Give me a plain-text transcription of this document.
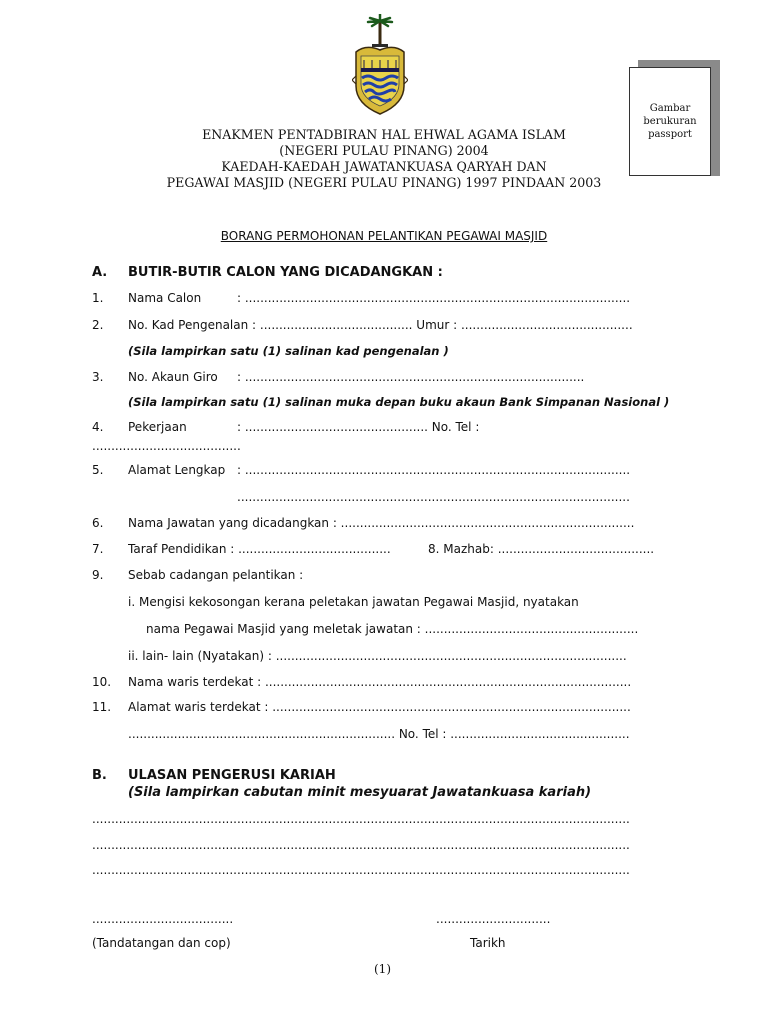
Gambar
berukuran
passport
ENAKMEN PENTADBIRAN HAL EHWAL AGAMA ISLAM
(NEGERI PULAU PINANG) 2004
KAEDAH-KAEDAH JAWATANKUASA QARYAH DAN
PEGAWAI MASJID (NEGERI PULAU PINANG) 1997 PINDAAN 2003
BORANG PERMOHONAN PELANTIKAN PEGAWAI MASJID
A. BUTIR-BUTIR CALON YANG DICADANGKAN :
1. Nama Calon	: .....................................................................................................
2. No. Kad Pengenalan : ........................................ Umur : .............................................
(Sila lampirkan satu (1) salinan kad pengenalan )
3. No. Akaun Giro : .........................................................................................
(Sila lampirkan satu (1) salinan muka depan buku akaun Bank Simpanan Nasional )
4. Pekerjaan	: ................................................ No. Tel :
.......................................
5. Alamat Lengkap : .....................................................................................................
.......................................................................................................
6. Nama Jawatan yang dicadangkan : .............................................................................
7. Taraf Pendidikan : ........................................	8. Mazhab: .........................................
9. Sebab cadangan pelantikan :
i. Mengisi kekosongan kerana peletakan jawatan Pegawai Masjid, nyatakan
nama Pegawai Masjid yang meletak jawatan : ........................................................
ii. lain- lain (Nyatakan) : ............................................................................................
10. Nama waris terdekat : ................................................................................................
11. Alamat waris terdekat : ..............................................................................................
...................................................................... No. Tel : ...............................................
B. ULASAN PENGERUSI KARIAH
(Sila lampirkan cabutan minit mesyuarat Jawatankuasa kariah)
.............................................................................................................................................
.............................................................................................................................................
.............................................................................................................................................
.....................................	..............................
(Tandatangan dan cop)	Tarikh
(1)
